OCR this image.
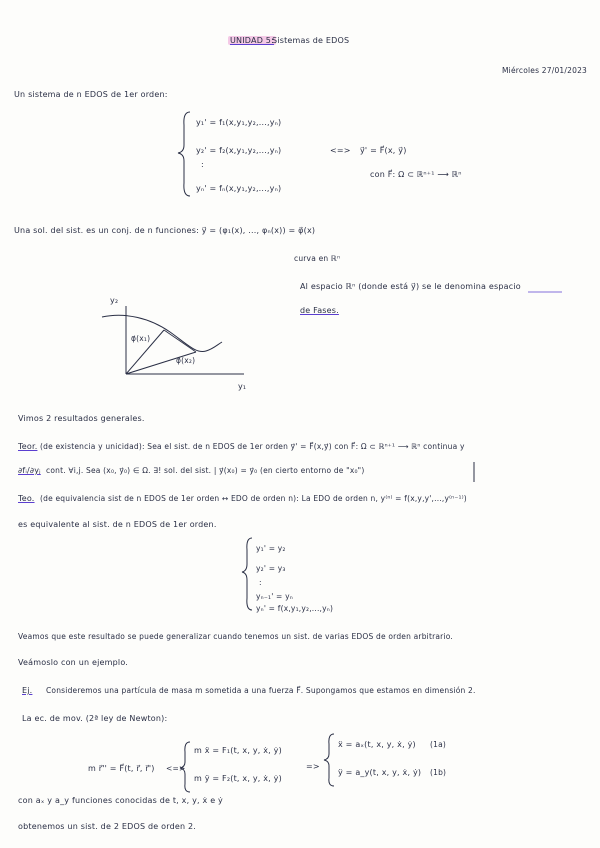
UNIDAD 5:
Sistemas de EDOS
Miércoles 27/01/2023
Un sistema de n EDOS de 1er orden:
y₁' = f₁(x,y₁,y₂,...,yₙ)
y₂' = f₂(x,y₁,y₂,...,yₙ)
:
yₙ' = fₙ(x,y₁,y₂,...,yₙ)
<=> y⃗' = F⃗(x, y⃗)
con F⃗: Ω ⊂ ℝⁿ⁺¹ ⟶ ℝⁿ
Una sol. del sist. es un conj. de n funciones: y⃗ = (φ₁(x), ..., φₙ(x)) = φ⃗(x)
curva en ℝⁿ
Al espacio ℝⁿ (donde está y⃗) se le denomina espacio
de Fases.
y₂
y₁
φ⃗(x₁)
φ⃗(x₂)
Vimos 2 resultados generales.
Teor. (de existencia y unicidad): Sea el sist. de n EDOS de 1er orden y⃗' = F⃗(x,y⃗) con F⃗: Ω ⊂ ℝⁿ⁺¹ ⟶ ℝⁿ continua y
∂fᵢ/∂yⱼ cont. ∀i,j. Sea (x₀, y⃗₀) ∈ Ω. ∃! sol. del sist. | y⃗(x₀) = y⃗₀ (en cierto entorno de "x₀")
Teo. (de equivalencia sist de n EDOS de 1er orden ↔ EDO de orden n): La EDO de orden n, y⁽ⁿ⁾ = f(x,y,y',...,y⁽ⁿ⁻¹⁾)
es equivalente al sist. de n EDOS de 1er orden.
y₁' = y₂
y₂' = y₃
:
yₙ₋₁' = yₙ
yₙ' = f(x,y₁,y₂,...,yₙ)
Veamos que este resultado se puede generalizar cuando tenemos un sist. de varias EDOS de orden arbitrario.
Veámoslo con un ejemplo.
Ej. Consideremos una partícula de masa m sometida a una fuerza F⃗. Supongamos que estamos en dimensión 2.
La ec. de mov. (2ª ley de Newton):
m r⃗'' = F⃗(t, r⃗, r⃗') <=>
m ẍ = F₁(t, x, y, ẋ, ẏ)
m ÿ = F₂(t, x, y, ẋ, ẏ)
=>
ẍ = aₓ(t, x, y, ẋ, ẏ)
ÿ = a_y(t, x, y, ẋ, ẏ)
(1a)
(1b)
con aₓ y a_y funciones conocidas de t, x, y, ẋ e ẏ
obtenemos un sist. de 2 EDOS de orden 2.
